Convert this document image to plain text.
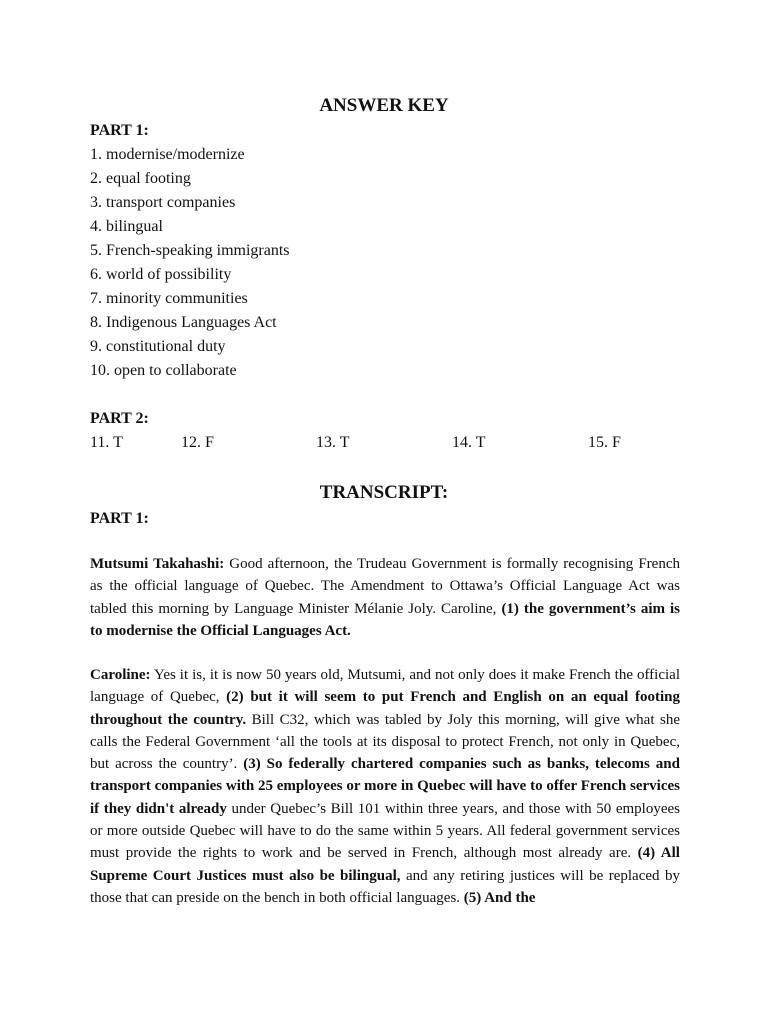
ANSWER KEY
PART 1:
1. modernise/modernize
2. equal footing
3. transport companies
4. bilingual
5. French-speaking immigrants
6. world of possibility
7. minority communities
8. Indigenous Languages Act
9. constitutional duty
10. open to collaborate
PART 2:
11. T	12. F	13. T	14. T	15. F
TRANSCRIPT:
PART 1:
Mutsumi Takahashi: Good afternoon, the Trudeau Government is formally recognising French as the official language of Quebec. The Amendment to Ottawa’s Official Language Act was tabled this morning by Language Minister Mélanie Joly. Caroline, (1) the government’s aim is to modernise the Official Languages Act.
Caroline: Yes it is, it is now 50 years old, Mutsumi, and not only does it make French the official language of Quebec, (2) but it will seem to put French and English on an equal footing throughout the country. Bill C32, which was tabled by Joly this morning, will give what she calls the Federal Government ‘all the tools at its disposal to protect French, not only in Quebec, but across the country’. (3) So federally chartered companies such as banks, telecoms and transport companies with 25 employees or more in Quebec will have to offer French services if they didn't already under Quebec’s Bill 101 within three years, and those with 50 employees or more outside Quebec will have to do the same within 5 years. All federal government services must provide the rights to work and be served in French, although most already are. (4) All Supreme Court Justices must also be bilingual, and any retiring justices will be replaced by those that can preside on the bench in both official languages. (5) And the
